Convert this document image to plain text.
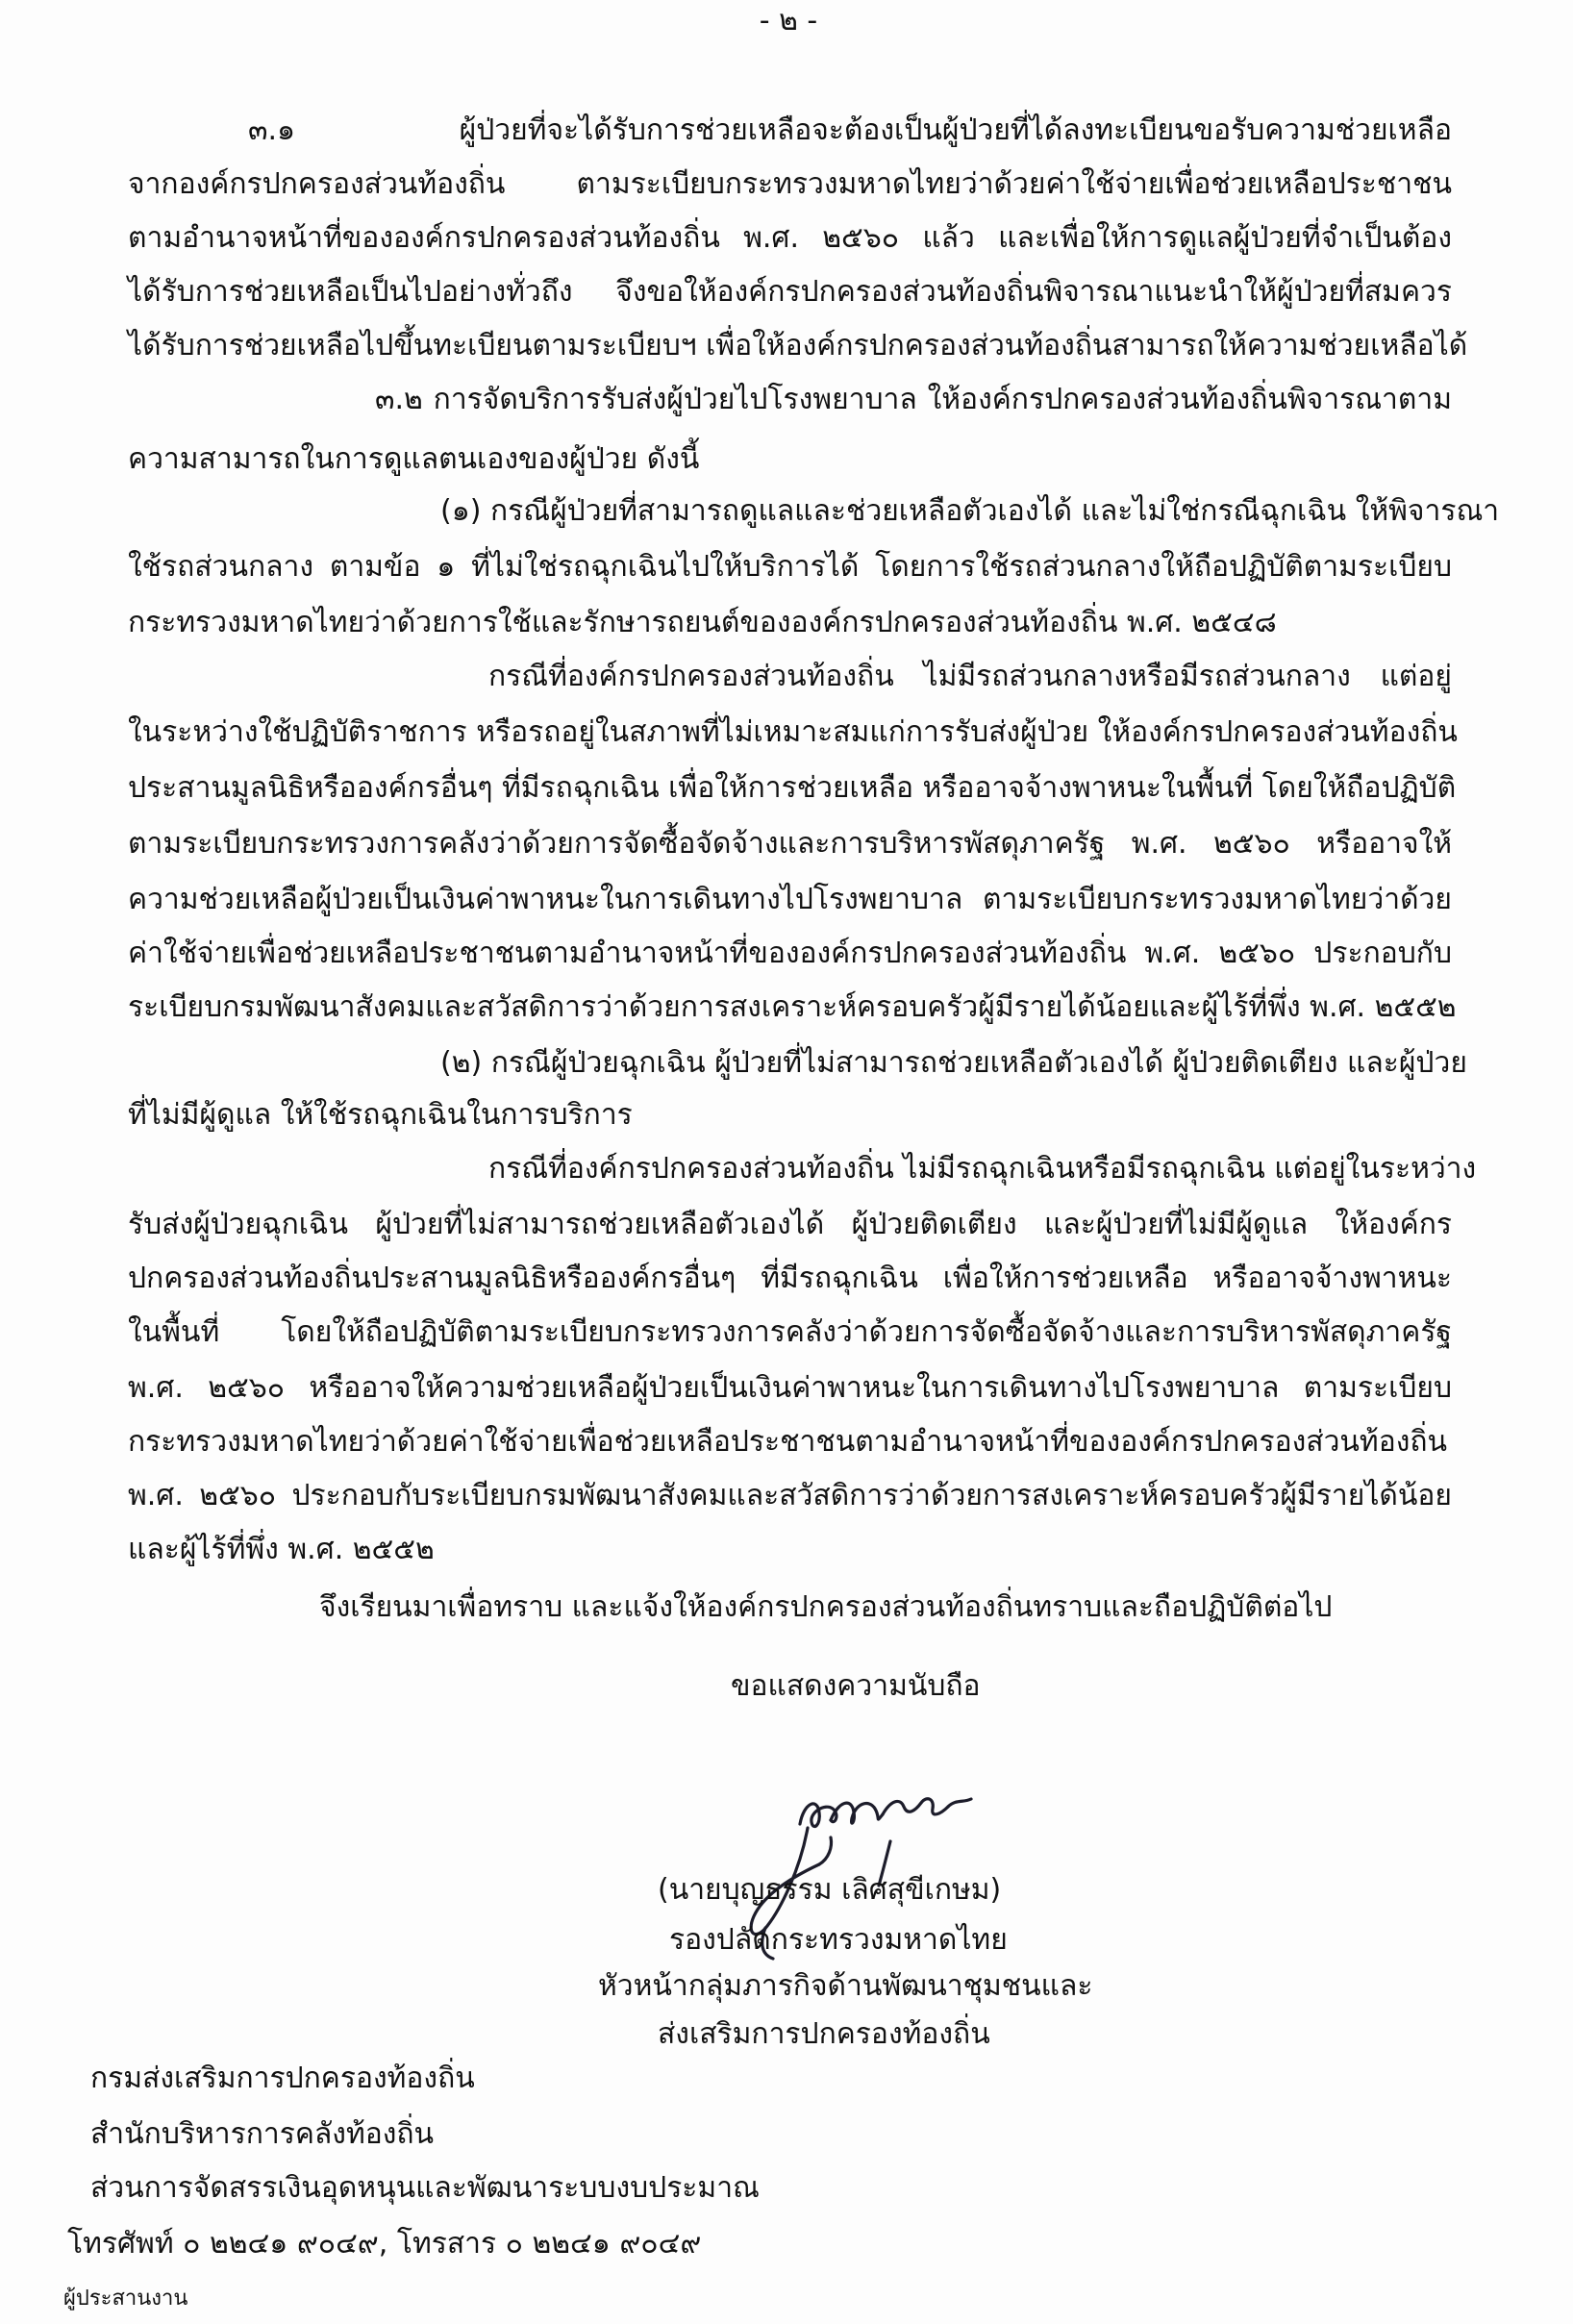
- ๒ -
๓.๑ ผู้ป่วยที่จะได้รับการช่วยเหลือจะต้องเป็นผู้ป่วยที่ได้ลงทะเบียนขอรับความช่วยเหลือ
จากองค์กรปกครองส่วนท้องถิ่น ตามระเบียบกระทรวงมหาดไทยว่าด้วยค่าใช้จ่ายเพื่อช่วยเหลือประชาชน
ตามอำนาจหน้าที่ขององค์กรปกครองส่วนท้องถิ่น พ.ศ. ๒๕๖๐ แล้ว และเพื่อให้การดูแลผู้ป่วยที่จำเป็นต้อง
ได้รับการช่วยเหลือเป็นไปอย่างทั่วถึง จึงขอให้องค์กรปกครองส่วนท้องถิ่นพิจารณาแนะนำให้ผู้ป่วยที่สมควร
ได้รับการช่วยเหลือไปขึ้นทะเบียนตามระเบียบฯ เพื่อให้องค์กรปกครองส่วนท้องถิ่นสามารถให้ความช่วยเหลือได้
๓.๒ การจัดบริการรับส่งผู้ป่วยไปโรงพยาบาล ให้องค์กรปกครองส่วนท้องถิ่นพิจารณาตาม
ความสามารถในการดูแลตนเองของผู้ป่วย ดังนี้
(๑) กรณีผู้ป่วยที่สามารถดูแลและช่วยเหลือตัวเองได้ และไม่ใช่กรณีฉุกเฉิน ให้พิจารณา
ใช้รถส่วนกลาง ตามข้อ ๑ ที่ไม่ใช่รถฉุกเฉินไปให้บริการได้ โดยการใช้รถส่วนกลางให้ถือปฏิบัติตามระเบียบ
กระทรวงมหาดไทยว่าด้วยการใช้และรักษารถยนต์ขององค์กรปกครองส่วนท้องถิ่น พ.ศ. ๒๕๔๘
กรณีที่องค์กรปกครองส่วนท้องถิ่น ไม่มีรถส่วนกลางหรือมีรถส่วนกลาง แต่อยู่
ในระหว่างใช้ปฏิบัติราชการ หรือรถอยู่ในสภาพที่ไม่เหมาะสมแก่การรับส่งผู้ป่วย ให้องค์กรปกครองส่วนท้องถิ่น
ประสานมูลนิธิหรือองค์กรอื่นๆ ที่มีรถฉุกเฉิน เพื่อให้การช่วยเหลือ หรืออาจจ้างพาหนะในพื้นที่ โดยให้ถือปฏิบัติ
ตามระเบียบกระทรวงการคลังว่าด้วยการจัดซื้อจัดจ้างและการบริหารพัสดุภาครัฐ พ.ศ. ๒๕๖๐ หรืออาจให้
ความช่วยเหลือผู้ป่วยเป็นเงินค่าพาหนะในการเดินทางไปโรงพยาบาล ตามระเบียบกระทรวงมหาดไทยว่าด้วย
ค่าใช้จ่ายเพื่อช่วยเหลือประชาชนตามอำนาจหน้าที่ขององค์กรปกครองส่วนท้องถิ่น พ.ศ. ๒๕๖๐ ประกอบกับ
ระเบียบกรมพัฒนาสังคมและสวัสดิการว่าด้วยการสงเคราะห์ครอบครัวผู้มีรายได้น้อยและผู้ไร้ที่พึ่ง พ.ศ. ๒๕๕๒
(๒) กรณีผู้ป่วยฉุกเฉิน ผู้ป่วยที่ไม่สามารถช่วยเหลือตัวเองได้ ผู้ป่วยติดเตียง และผู้ป่วย
ที่ไม่มีผู้ดูแล ให้ใช้รถฉุกเฉินในการบริการ
กรณีที่องค์กรปกครองส่วนท้องถิ่น ไม่มีรถฉุกเฉินหรือมีรถฉุกเฉิน แต่อยู่ในระหว่าง
รับส่งผู้ป่วยฉุกเฉิน ผู้ป่วยที่ไม่สามารถช่วยเหลือตัวเองได้ ผู้ป่วยติดเตียง และผู้ป่วยที่ไม่มีผู้ดูแล ให้องค์กร
ปกครองส่วนท้องถิ่นประสานมูลนิธิหรือองค์กรอื่นๆ ที่มีรถฉุกเฉิน เพื่อให้การช่วยเหลือ หรืออาจจ้างพาหนะ
ในพื้นที่ โดยให้ถือปฏิบัติตามระเบียบกระทรวงการคลังว่าด้วยการจัดซื้อจัดจ้างและการบริหารพัสดุภาครัฐ
พ.ศ. ๒๕๖๐ หรืออาจให้ความช่วยเหลือผู้ป่วยเป็นเงินค่าพาหนะในการเดินทางไปโรงพยาบาล ตามระเบียบ
กระทรวงมหาดไทยว่าด้วยค่าใช้จ่ายเพื่อช่วยเหลือประชาชนตามอำนาจหน้าที่ขององค์กรปกครองส่วนท้องถิ่น
พ.ศ. ๒๕๖๐ ประกอบกับระเบียบกรมพัฒนาสังคมและสวัสดิการว่าด้วยการสงเคราะห์ครอบครัวผู้มีรายได้น้อย
และผู้ไร้ที่พึ่ง พ.ศ. ๒๕๕๒
จึงเรียนมาเพื่อทราบ และแจ้งให้องค์กรปกครองส่วนท้องถิ่นทราบและถือปฏิบัติต่อไป
ขอแสดงความนับถือ
(นายบุญธรรม เลิศสุขีเกษม)
รองปลัดกระทรวงมหาดไทย
หัวหน้ากลุ่มภารกิจด้านพัฒนาชุมชนและ
ส่งเสริมการปกครองท้องถิ่น
กรมส่งเสริมการปกครองท้องถิ่น
สำนักบริหารการคลังท้องถิ่น
ส่วนการจัดสรรเงินอุดหนุนและพัฒนาระบบงบประมาณ
โทรศัพท์ ๐ ๒๒๔๑ ๙๐๔๙, โทรสาร ๐ ๒๒๔๑ ๙๐๔๙
ผู้ประสานงาน
